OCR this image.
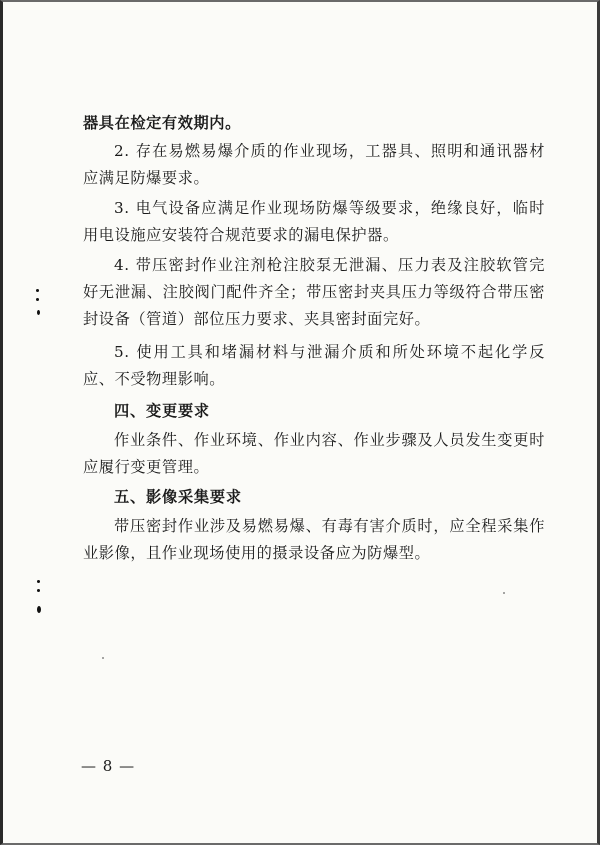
器具在检定有效期内。

2. 存在易燃易爆介质的作业现场，工器具、照明和通讯器材应满足防爆要求。

3. 电气设备应满足作业现场防爆等级要求，绝缘良好，临时用电设施应安装符合规范要求的漏电保护器。

4. 带压密封作业注剂枪注胶泵无泄漏、压力表及注胶软管完好无泄漏、注胶阀门配件齐全；带压密封夹具压力等级符合带压密封设备（管道）部位压力要求、夹具密封面完好。

5. 使用工具和堵漏材料与泄漏介质和所处环境不起化学反应、不受物理影响。

四、变更要求

作业条件、作业环境、作业内容、作业步骤及人员发生变更时应履行变更管理。

五、影像采集要求

带压密封作业涉及易燃易爆、有毒有害介质时，应全程采集作业影像，且作业现场使用的摄录设备应为防爆型。

— 8 —
